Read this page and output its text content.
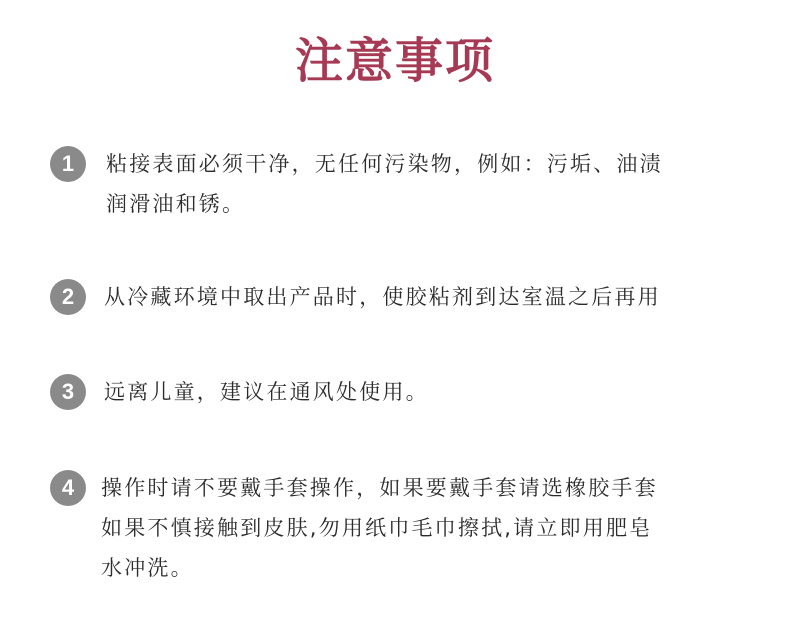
注意事项
1	粘接表面必须干净，无任何污染物，例如：污垢、油渍
润滑油和锈。
2	从冷藏环境中取出产品时，使胶粘剂到达室温之后再用
3	远离儿童，建议在通风处使用。
4	操作时请不要戴手套操作，如果要戴手套请选橡胶手套
如果不慎接触到皮肤,勿用纸巾毛巾擦拭,请立即用肥皂
水冲洗。
